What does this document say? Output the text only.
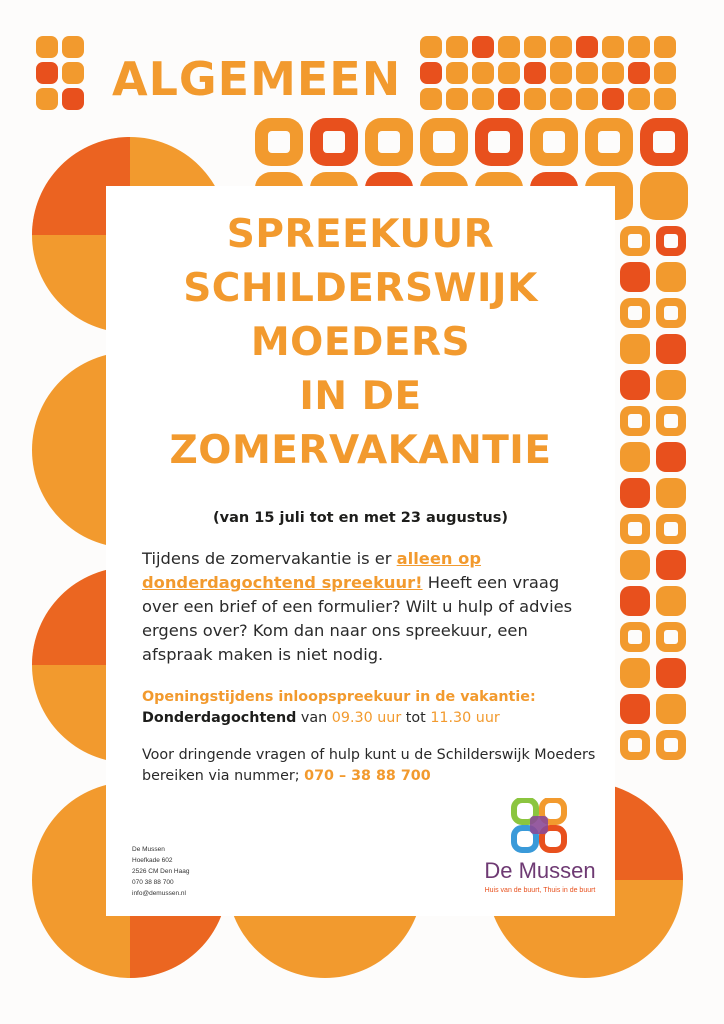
ALGEMEEN
SPREEKUUR
SCHILDERSWIJK
MOEDERS
IN DE
ZOMERVAKANTIE
(van 15 juli tot en met 23 augustus)
Tijdens de zomervakantie is er alleen op donderdagochtend spreekuur! Heeft een vraag over een brief of een formulier? Wilt u hulp of advies ergens over? Kom dan naar ons spreekuur, een afspraak maken is niet nodig.
Openingstijdens inloopspreekuur in de vakantie:
Donderdagochtend van 09.30 uur tot 11.30 uur
Voor dringende vragen of hulp kunt u de Schilderswijk Moeders bereiken via nummer; 070 – 38 88 700
De Mussen
Hoefkade 602
2526 CM Den Haag
070 38 88 700
info@demussen.nl
De Mussen
Huis van de buurt, Thuis in de buurt
